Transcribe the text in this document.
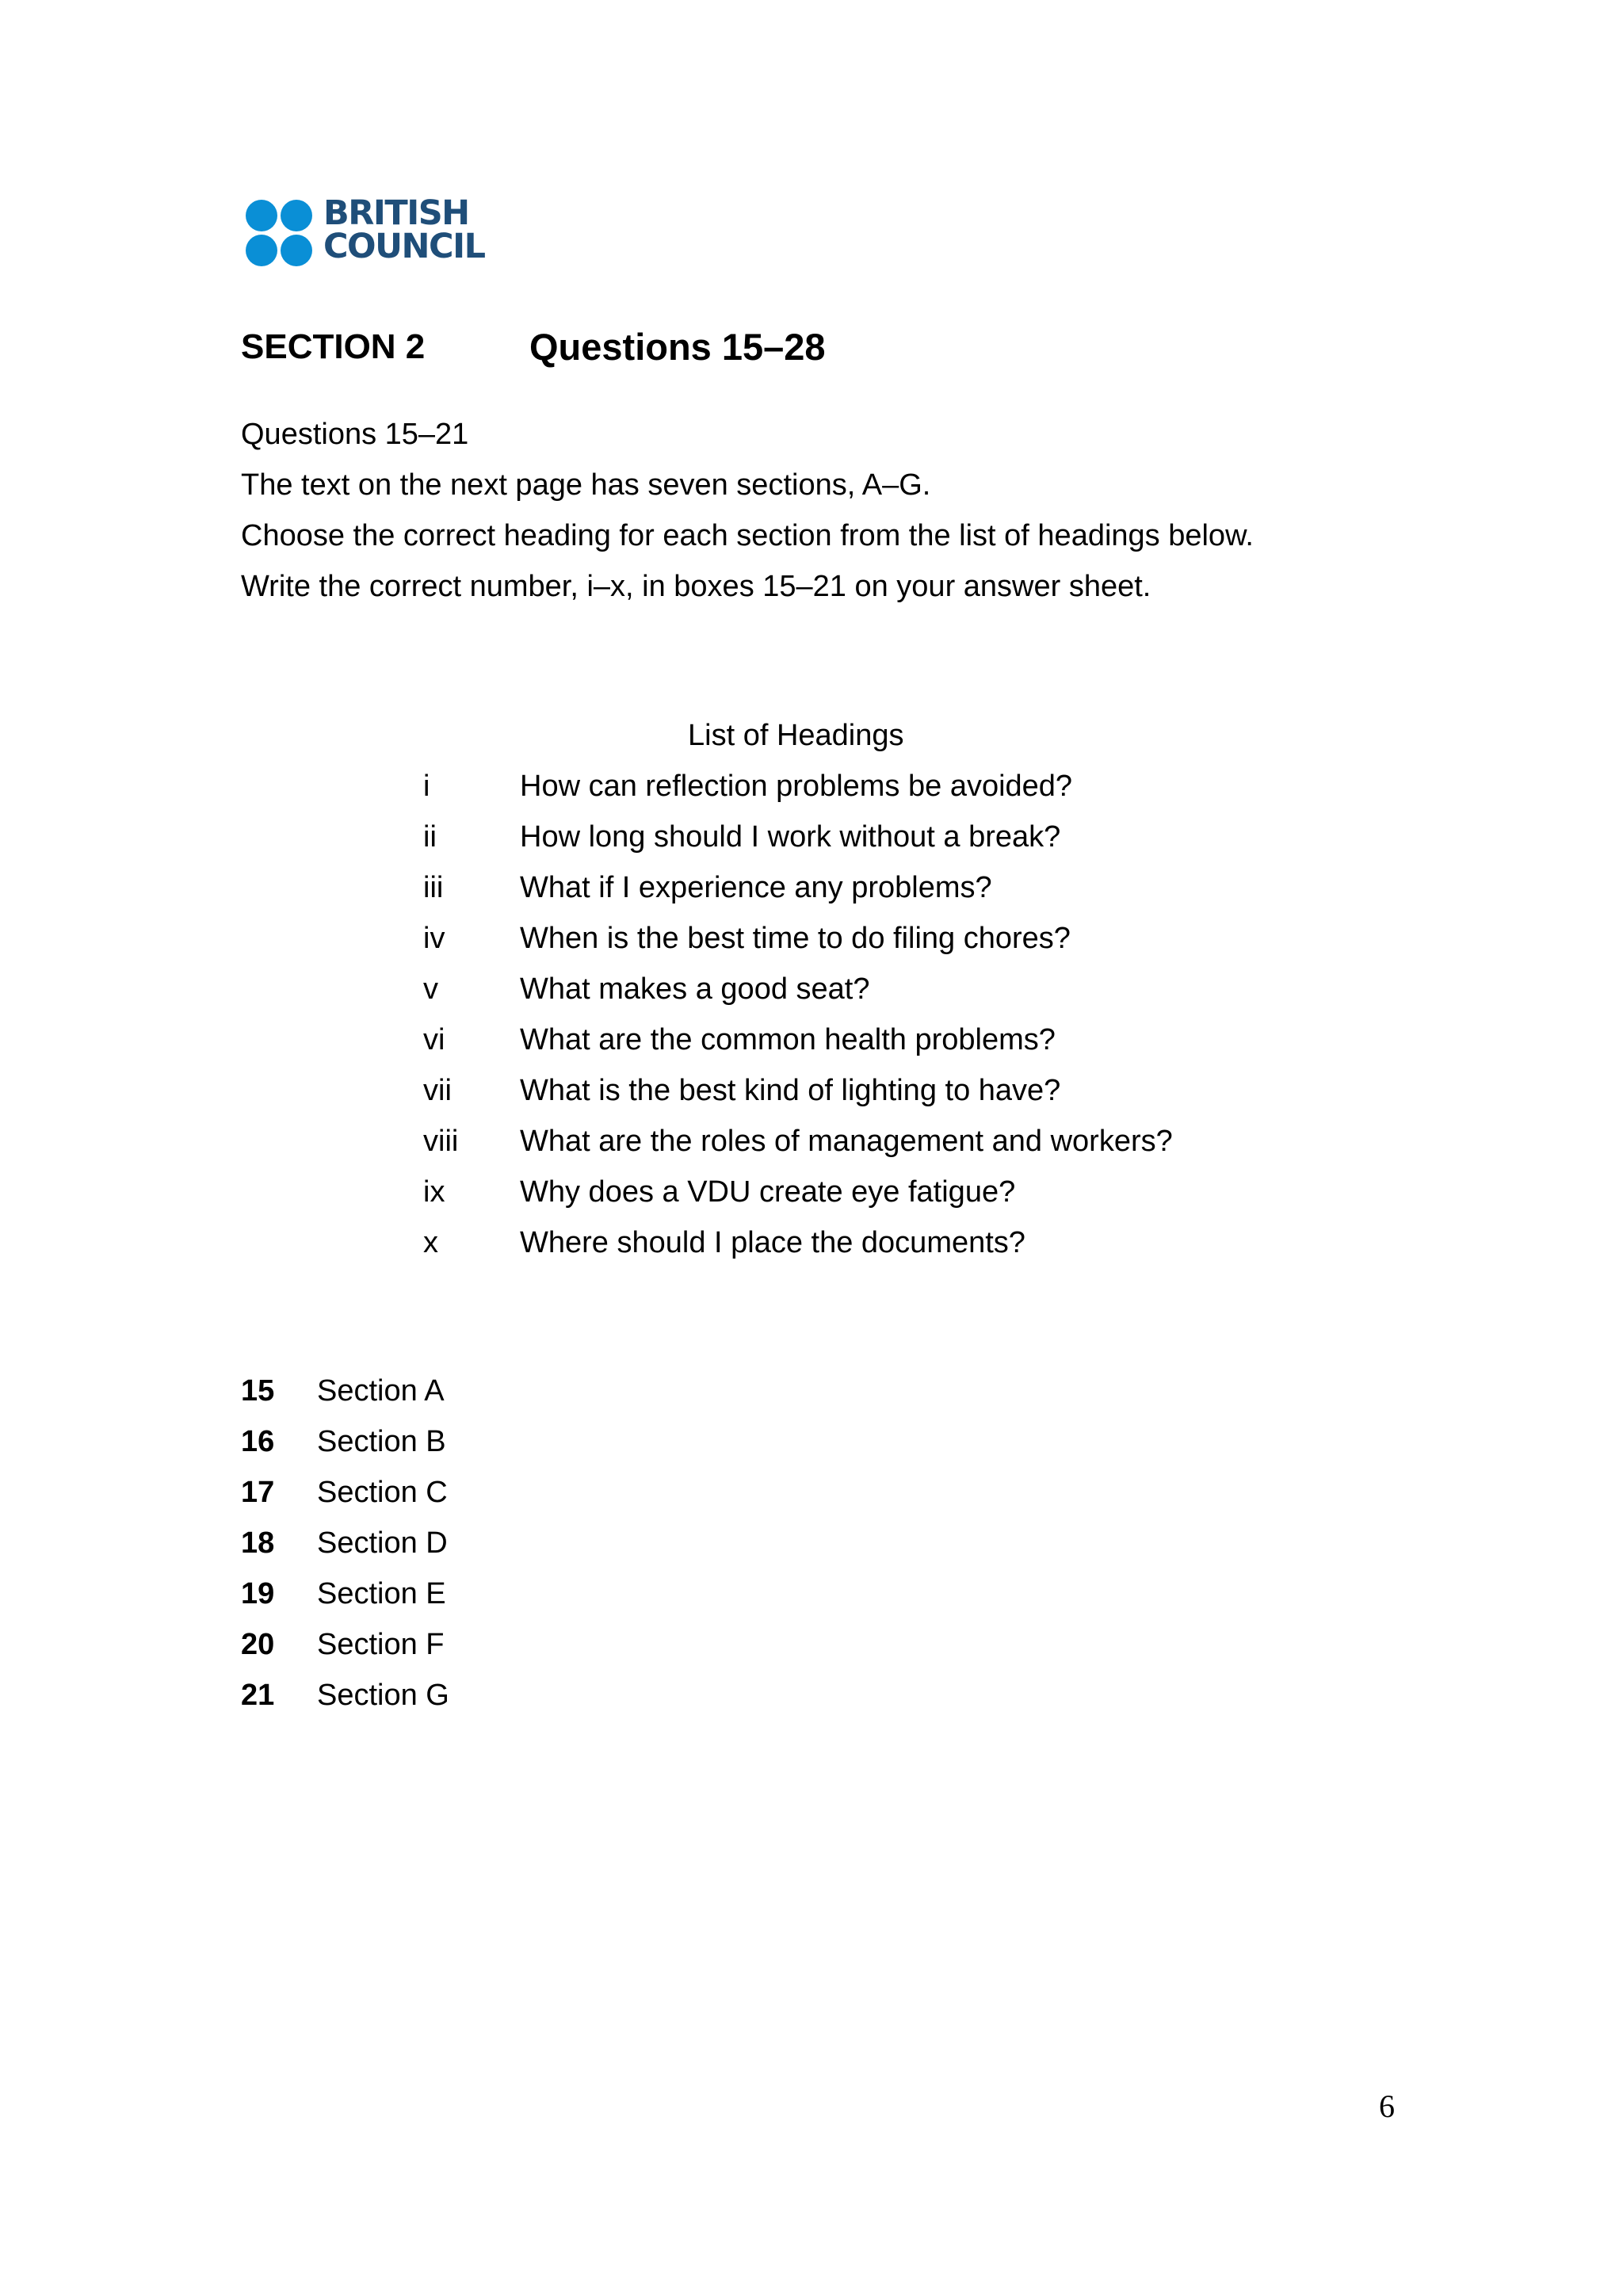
BRITISH
COUNCIL
SECTION 2	Questions 15–28
Questions 15–21
The text on the next page has seven sections, A–G.
Choose the correct heading for each section from the list of headings below.
Write the correct number, i–x, in boxes 15–21 on your answer sheet.
List of Headings
i	How can reflection problems be avoided?
ii	How long should I work without a break?
iii	What if I experience any problems?
iv When is the best time to do filing chores?
v	What makes a good seat?
vi What are the common health problems?
vii What is the best kind of lighting to have?
viii What are the roles of management and workers?
ix Why does a VDU create eye fatigue?
x	Where should I place the documents?
15 Section A
16 Section B
17 Section C
18 Section D
19 Section E
20 Section F
21 Section G
6
